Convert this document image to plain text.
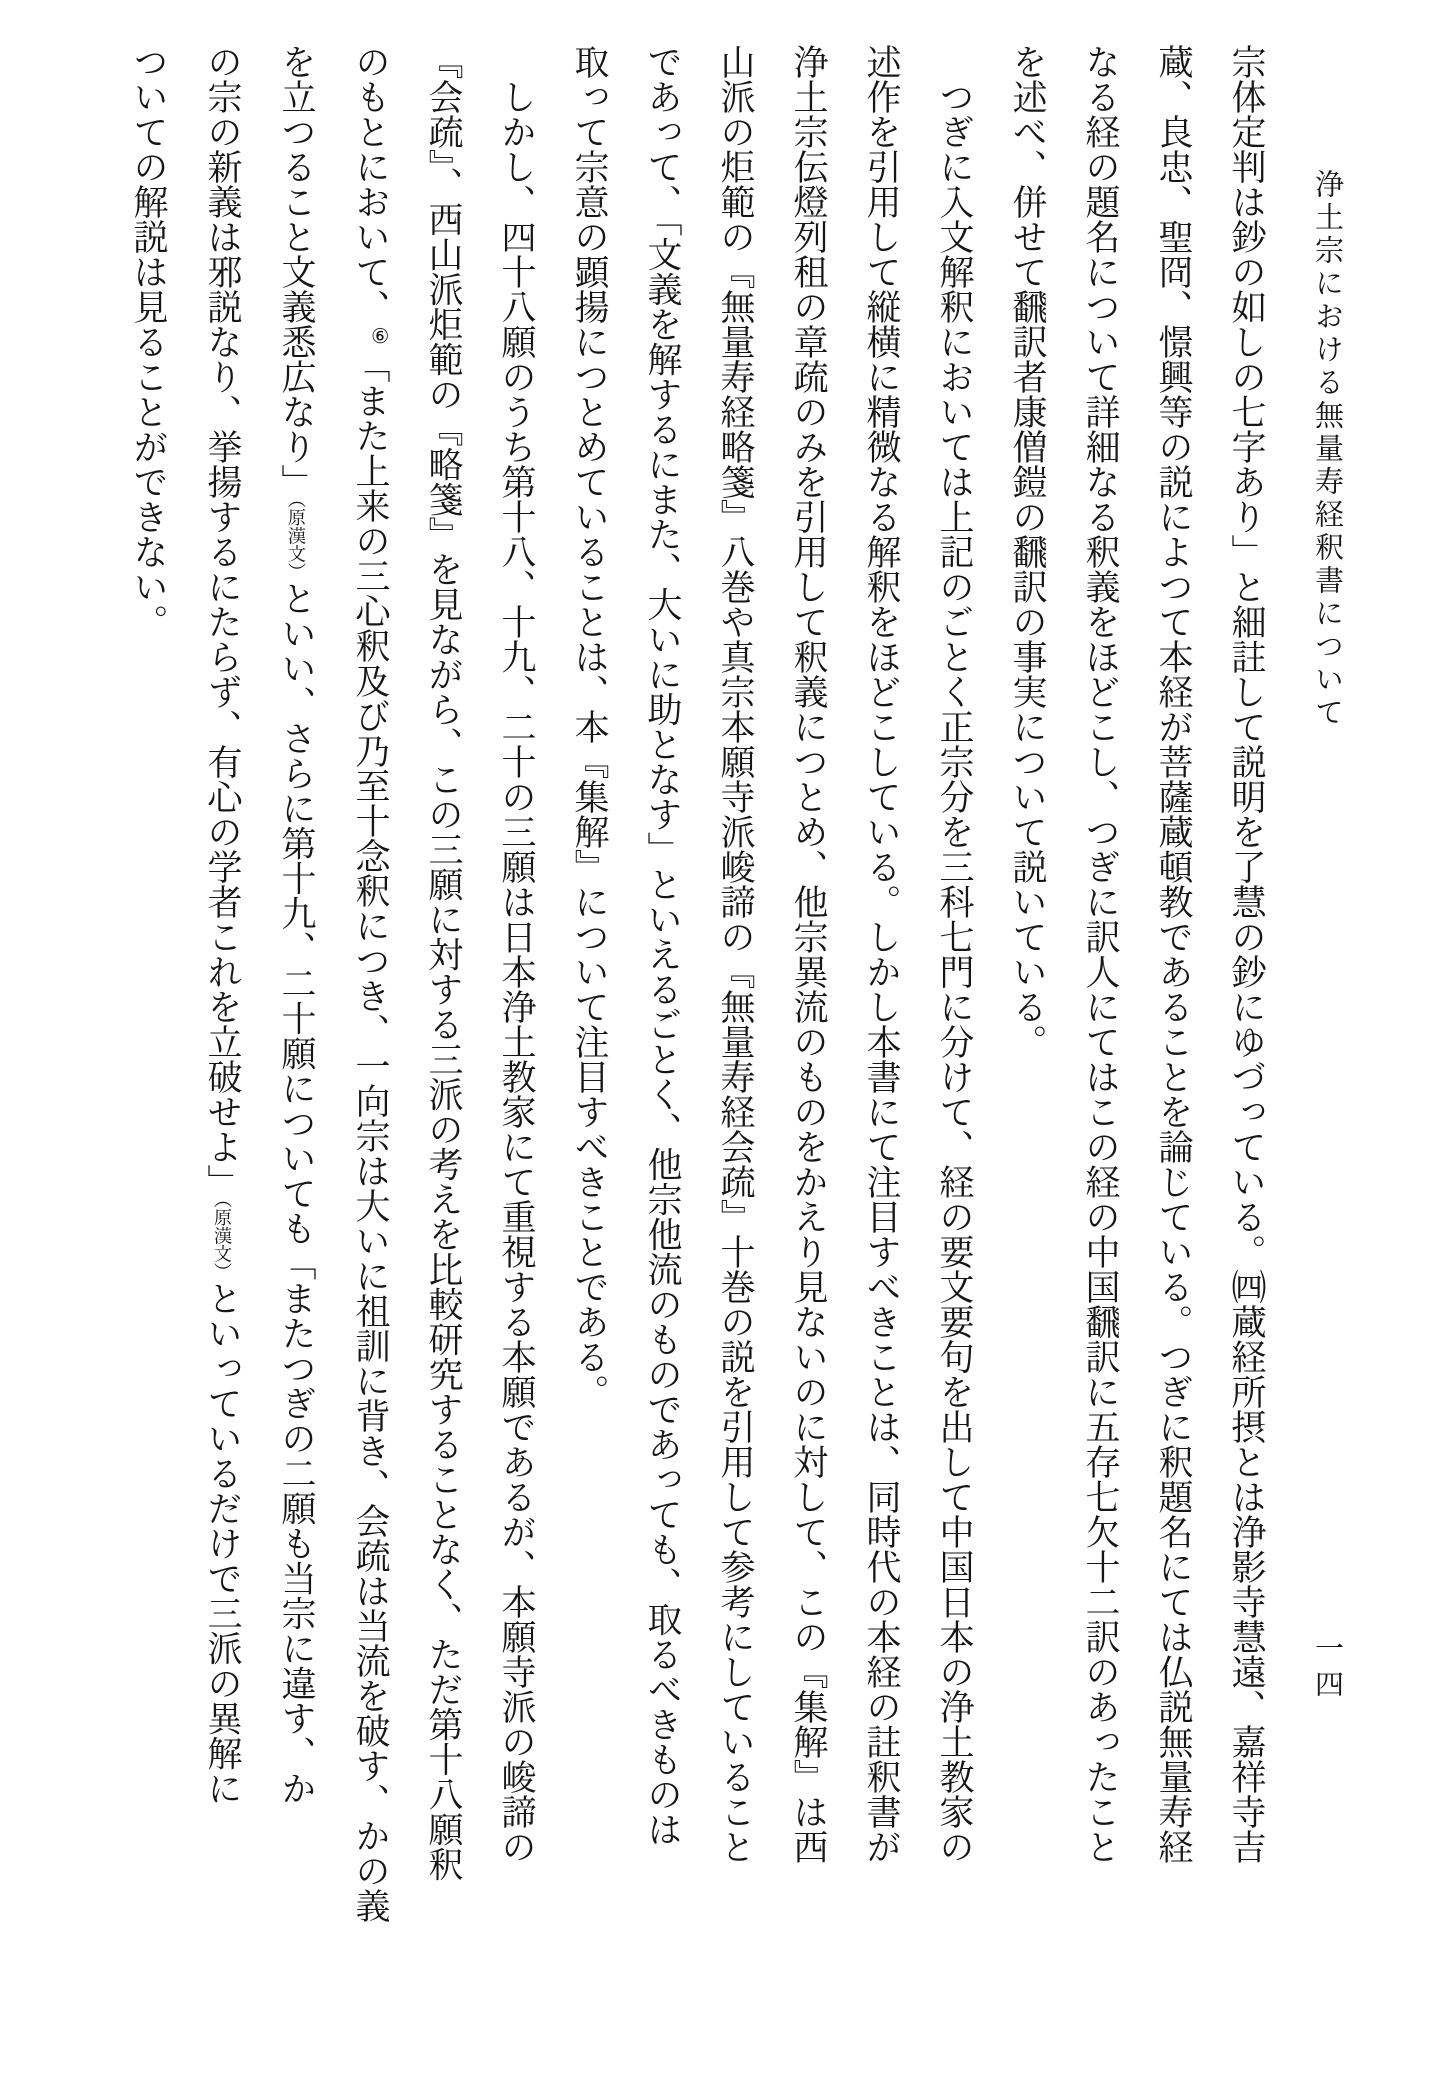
浄土宗における無量寿経釈書について
一四
宗体定判は鈔の如しの七字あり」と細註して説明を了慧の鈔にゆづっている。㈣蔵経所摂とは浄影寺慧遠、嘉祥寺吉
蔵、良忠、聖冏、憬興等の説によつて本経が菩薩蔵頓教であることを論じている。つぎに釈題名にては仏説無量寿経
なる経の題名について詳細なる釈義をほどこし、つぎに訳人にてはこの経の中国飜訳に五存七欠十二訳のあったこと
を述べ、併せて飜訳者康僧鎧の飜訳の事実について説いている。
　つぎに入文解釈においては上記のごとく正宗分を三科七門に分けて、経の要文要句を出して中国日本の浄土教家の
述作を引用して縦横に精微なる解釈をほどこしている。しかし本書にて注目すべきことは、同時代の本経の註釈書が
浄土宗伝燈列租の章疏のみを引用して釈義につとめ、他宗異流のものをかえり見ないのに対して、この『集解』は西
山派の炬範の『無量寿経略箋』八巻や真宗本願寺派峻諦の『無量寿経会疏』十巻の説を引用して参考にしていること
であって、「文義を解するにまた、大いに助となす」といえるごとく、他宗他流のものであっても、取るべきものは
取って宗意の顕揚につとめていることは、本『集解』について注目すべきことである。
　しかし、四十八願のうち第十八、十九、二十の三願は日本浄土教家にて重視する本願であるが、本願寺派の峻諦の
『会疏』、西山派炬範の『略箋』を見ながら、この三願に対する三派の考えを比較研究することなく、ただ第十八願釈
のもとにおいて、⑥「また上来の三心釈及び乃至十念釈につき、一向宗は大いに祖訓に背き、会疏は当流を破す、かの義
を立つること文義悉広なり」（原漢文）といい、さらに第十九、二十願についても「またつぎの二願も当宗に違す、か
の宗の新義は邪説なり、挙揚するにたらず、有心の学者これを立破せよ」（原漢文）といっているだけで三派の異解に
ついての解説は見ることができない。
